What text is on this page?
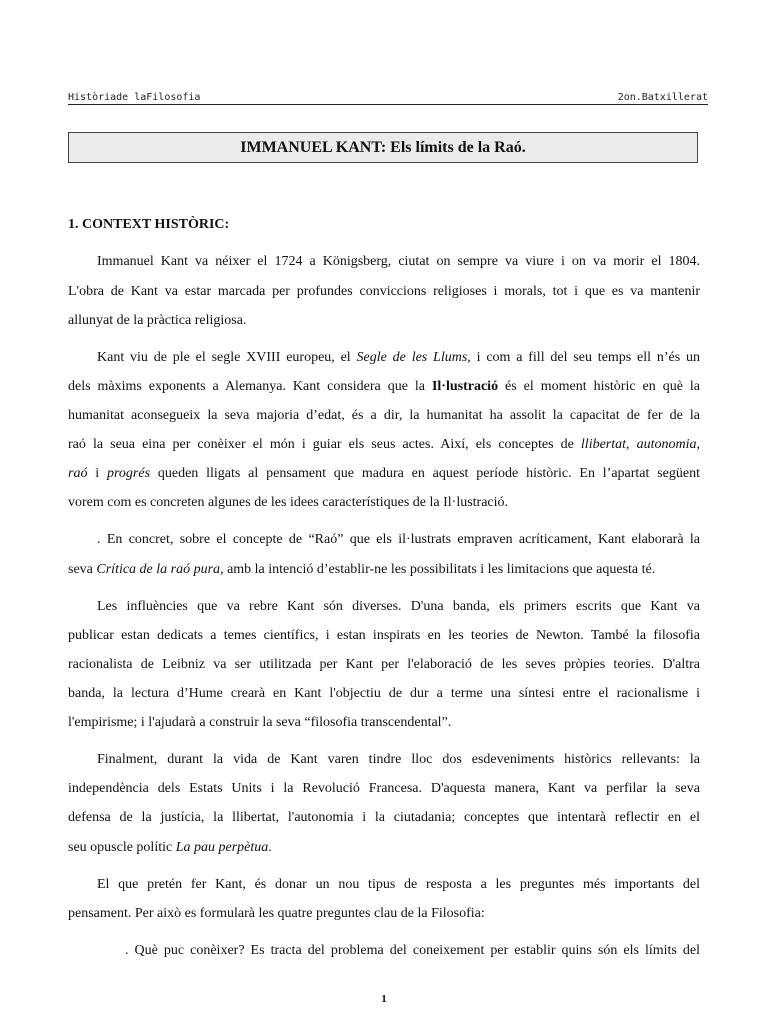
Històriade laFilosofia	2on.Batxillerat
IMMANUEL KANT: Els límits de la Raó.
1. CONTEXT HISTÒRIC:
Immanuel Kant va néixer el 1724 a Königsberg, ciutat on sempre va viure i on va morir el 1804.
L'obra de Kant va estar marcada per profundes conviccions religioses i morals, tot i que es va mantenir
allunyat de la pràctica religiosa.
Kant viu de ple el segle XVIII europeu, el Segle de les Llums, i com a fill del seu temps ell n’és un
dels màxims exponents a Alemanya. Kant considera que la Il·lustració és el moment històric en què la
humanitat aconsegueix la seva majoria d’edat, és a dir, la humanitat ha assolit la capacitat de fer de la
raó la seua eina per conèixer el món i guiar els seus actes. Així, els conceptes de llibertat, autonomia,
raó i progrés queden lligats al pensament que madura en aquest període històric. En l’apartat següent
vorem com es concreten algunes de les idees característiques de la Il·lustració.
. En concret, sobre el concepte de “Raó” que els il·lustrats empraven acríticament, Kant elaborarà la
seva Crítica de la raó pura, amb la intenció d’establir-ne les possibilitats i les limitacions que aquesta té.
Les influències que va rebre Kant són diverses. D'una banda, els primers escrits que Kant va
publicar estan dedicats a temes científics, i estan inspirats en les teories de Newton. També la filosofia
racionalista de Leibniz va ser utilitzada per Kant per l'elaboració de les seves pròpies teories. D'altra
banda, la lectura d’Hume crearà en Kant l'objectiu de dur a terme una síntesi entre el racionalisme i
l'empirisme; i l'ajudarà a construir la seva “filosofia transcendental”.
Finalment, durant la vida de Kant varen tindre lloc dos esdeveniments històrics rellevants: la
independència dels Estats Units i la Revolució Francesa. D'aquesta manera, Kant va perfilar la seva
defensa de la justícia, la llibertat, l'autonomia i la ciutadania; conceptes que intentarà reflectir en el
seu opuscle polític La pau perpètua.
El que pretén fer Kant, és donar un nou tipus de resposta a les preguntes més importants del
pensament. Per això es formularà les quatre preguntes clau de la Filosofia:
. Què puc conèixer? Es tracta del problema del coneixement per establir quins són els límits del
1
